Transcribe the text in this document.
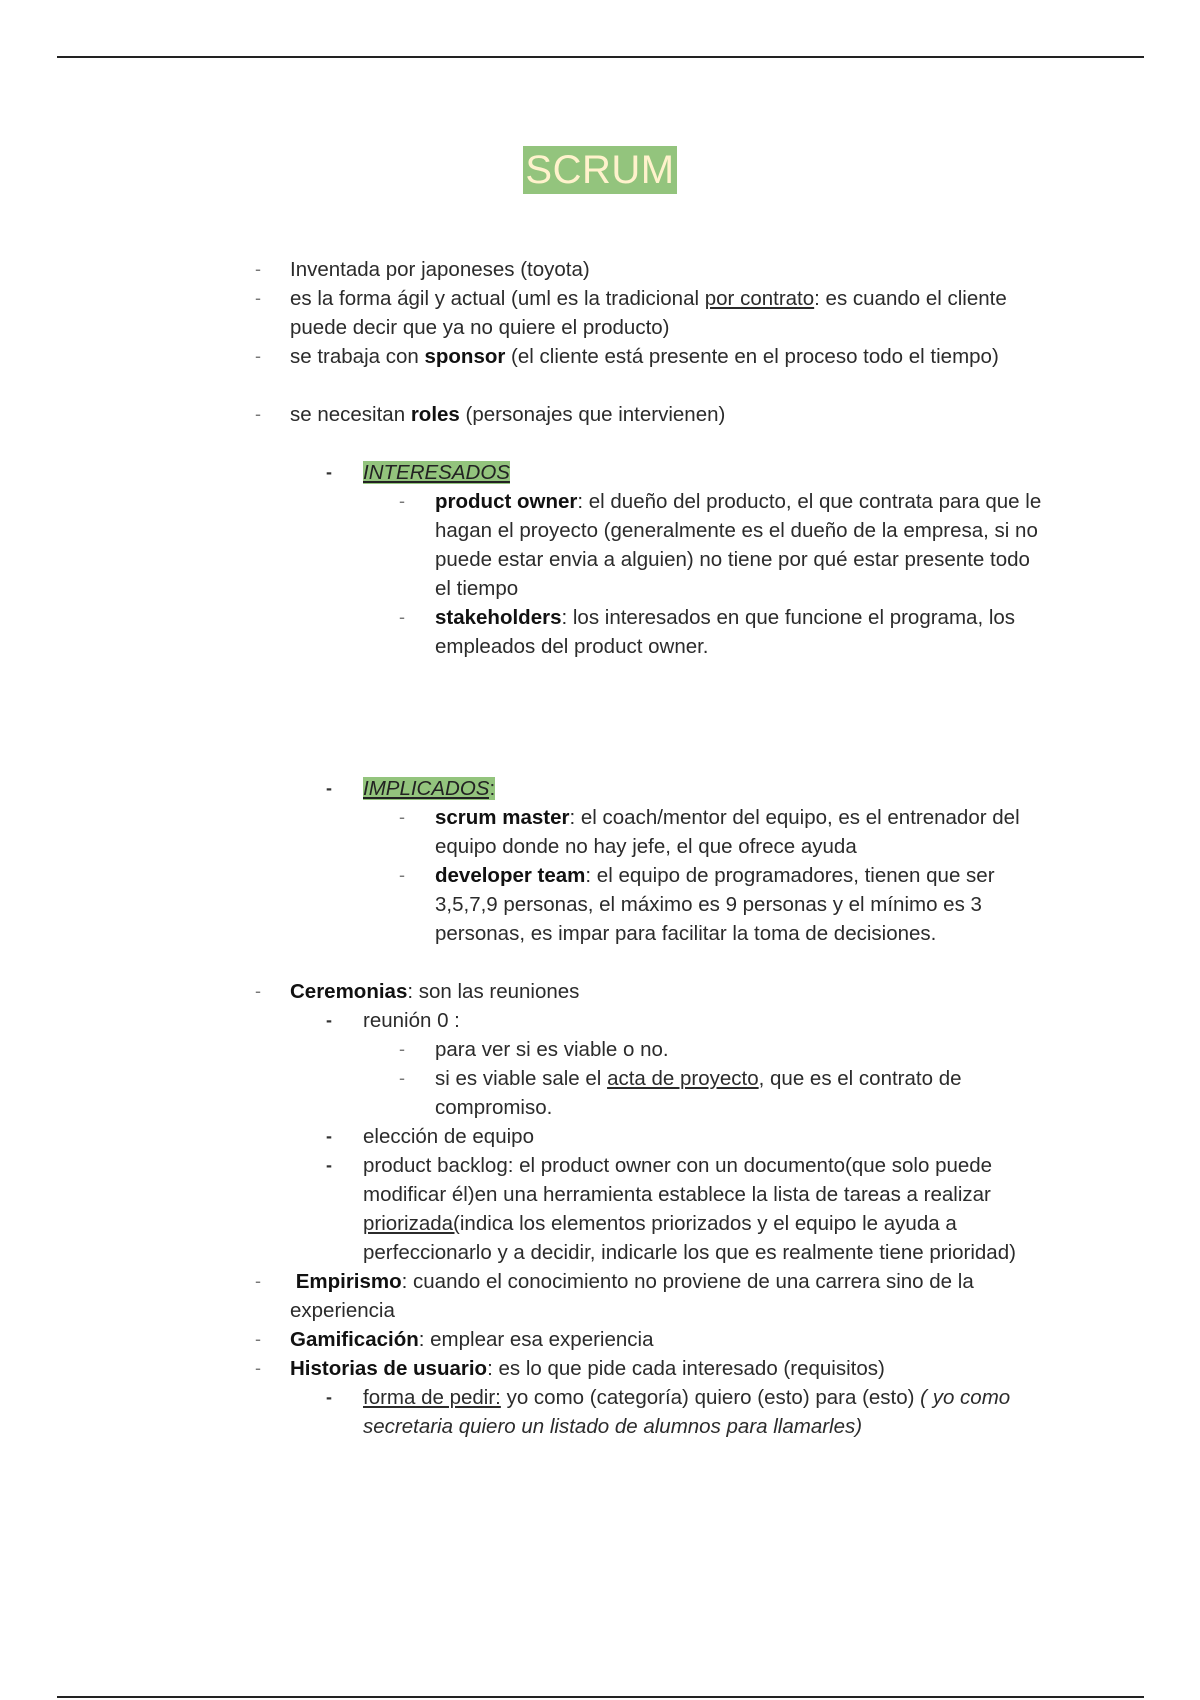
SCRUM
- Inventada por japoneses (toyota)
- es la forma ágil y actual (uml es la tradicional por contrato: es cuando el cliente puede decir que ya no quiere el producto)
- se trabaja con sponsor (el cliente está presente en el proceso todo el tiempo)
- se necesitan roles (personajes que intervienen)
- INTERESADOS
- product owner: el dueño del producto, el que contrata para que le hagan el proyecto (generalmente es el dueño de la empresa, si no puede estar envia a alguien) no tiene por qué estar presente todo el tiempo
- stakeholders: los interesados en que funcione el programa, los empleados del product owner.
- IMPLICADOS:
- scrum master: el coach/mentor del equipo, es el entrenador del equipo donde no hay jefe, el que ofrece ayuda
- developer team: el equipo de programadores, tienen que ser 3,5,7,9 personas, el máximo es 9 personas y el mínimo es 3 personas, es impar para facilitar la toma de decisiones.
- Ceremonias: son las reuniones
- reunión 0 :
- para ver si es viable o no.
- si es viable sale el acta de proyecto, que es el contrato de compromiso.
- elección de equipo
- product backlog: el product owner con un documento(que solo puede modificar él)en una herramienta establece la lista de tareas a realizar priorizada(indica los elementos priorizados y el equipo le ayuda a perfeccionarlo y a decidir, indicarle los que es realmente tiene prioridad)
- Empirismo: cuando el conocimiento no proviene de una carrera sino de la experiencia
- Gamificación: emplear esa experiencia
- Historias de usuario: es lo que pide cada interesado (requisitos)
- forma de pedir: yo como (categoría) quiero (esto) para (esto) ( yo como secretaria quiero un listado de alumnos para llamarles)
